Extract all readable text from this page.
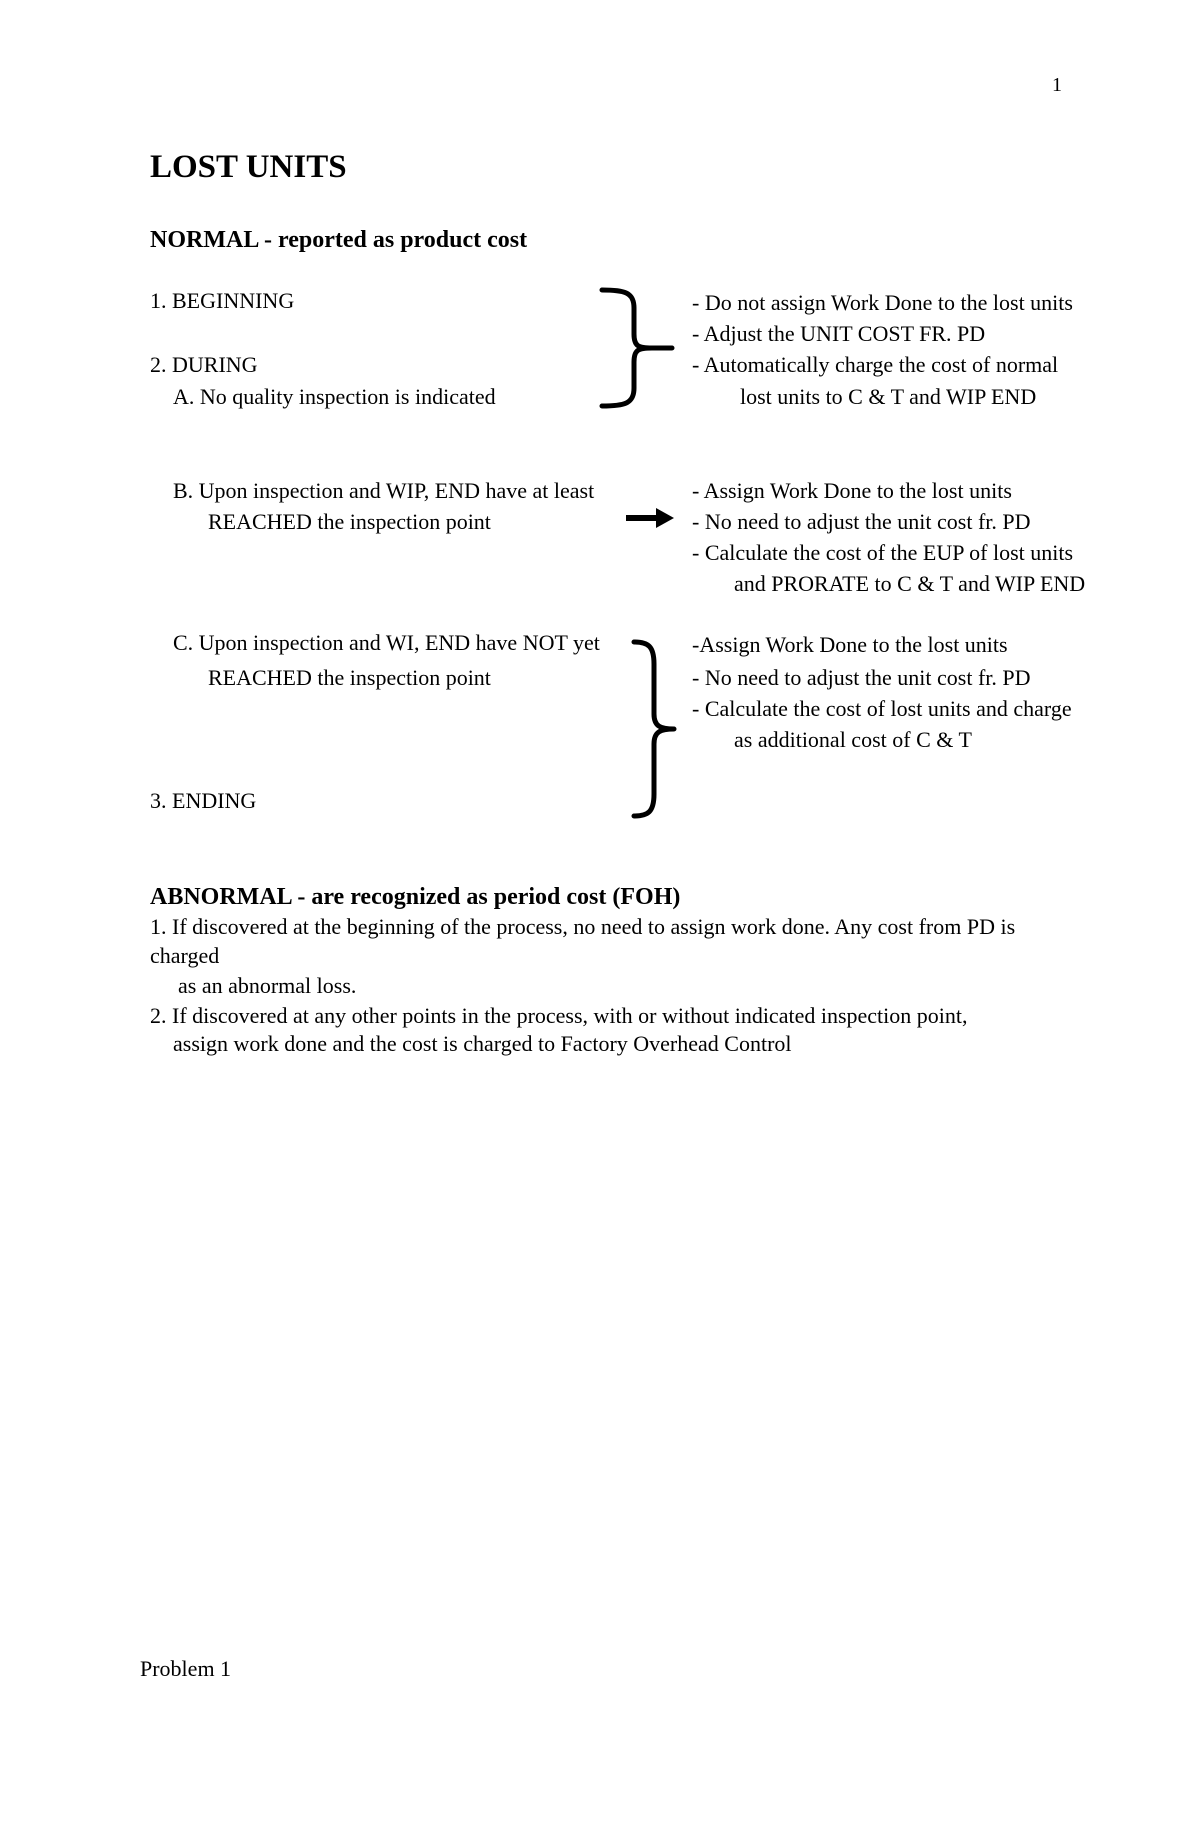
1
LOST UNITS
NORMAL - reported as product cost
1. BEGINNING
2. DURING
A. No quality inspection is indicated
- Do not assign Work Done to the lost units
- Adjust the UNIT COST FR. PD
- Automatically charge the cost of normal
lost units to C & T and WIP END
B. Upon inspection and WIP, END have at least
REACHED the inspection point
- Assign Work Done to the lost units
- No need to adjust the unit cost fr. PD
- Calculate the cost of the EUP of lost units
and PRORATE to C & T and WIP END
C. Upon inspection and WI, END have NOT yet
REACHED the inspection point
3. ENDING
-Assign Work Done to the lost units
- No need to adjust the unit cost fr. PD
- Calculate the cost of lost units and charge
as additional cost of C & T
ABNORMAL - are recognized as period cost (FOH)
1. If discovered at the beginning of the process, no need to assign work done. Any cost from PD is
charged
as an abnormal loss.
2. If discovered at any other points in the process, with or without indicated inspection point,
assign work done and the cost is charged to Factory Overhead Control
Problem 1
